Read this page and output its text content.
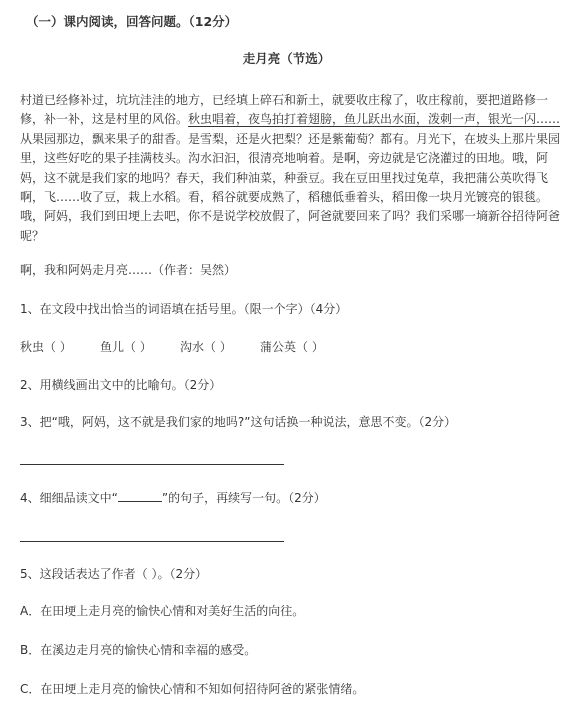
（一）课内阅读，回答问题。（12分）
走月亮（节选）
村道已经修补过，坑坑洼洼的地方，已经填上碎石和新土，就要收庄稼了，收庄稼前，要把道路修一
修，补一补，这是村里的风俗。秋虫唱着，夜鸟拍打着翅膀，鱼儿跃出水面，泼刺一声，银光一闪……
从果园那边，飘来果子的甜香。是雪梨，还是火把梨？还是紫葡萄？都有。月光下，在坡头上那片果园
里，这些好吃的果子挂满枝头。沟水汩汩，很清亮地响着。是啊，旁边就是它浇灌过的田地。哦，阿
妈，这不就是我们家的地吗？春天，我们种油菜，种蚕豆。我在豆田里找过兔草，我把蒲公英吹得飞
啊，飞……收了豆，栽上水稻。看，稻谷就要成熟了，稻穗低垂着头，稻田像一块月光镀亮的银毯。
哦，阿妈，我们到田埂上去吧，你不是说学校放假了，阿爸就要回来了吗？我们采哪一墒新谷招待阿爸
呢？
啊，我和阿妈走月亮……（作者：吴然）
1、在文段中找出恰当的词语填在括号里。（限一个字）（4分）
秋虫（ ） 鱼儿（ ） 沟水（ ） 蒲公英（ ）
2、用横线画出文中的比喻句。（2分）
3、把“哦，阿妈，这不就是我们家的地吗?”这句话换一种说法，意思不变。（2分）
4、细细品读文中“	”的句子，再续写一句。（2分）
5、这段话表达了作者（ ）。（2分）
A．在田埂上走月亮的愉快心情和对美好生活的向往。
B．在溪边走月亮的愉快心情和幸福的感受。
C．在田埂上走月亮的愉快心情和不知如何招待阿爸的紧张情绪。
